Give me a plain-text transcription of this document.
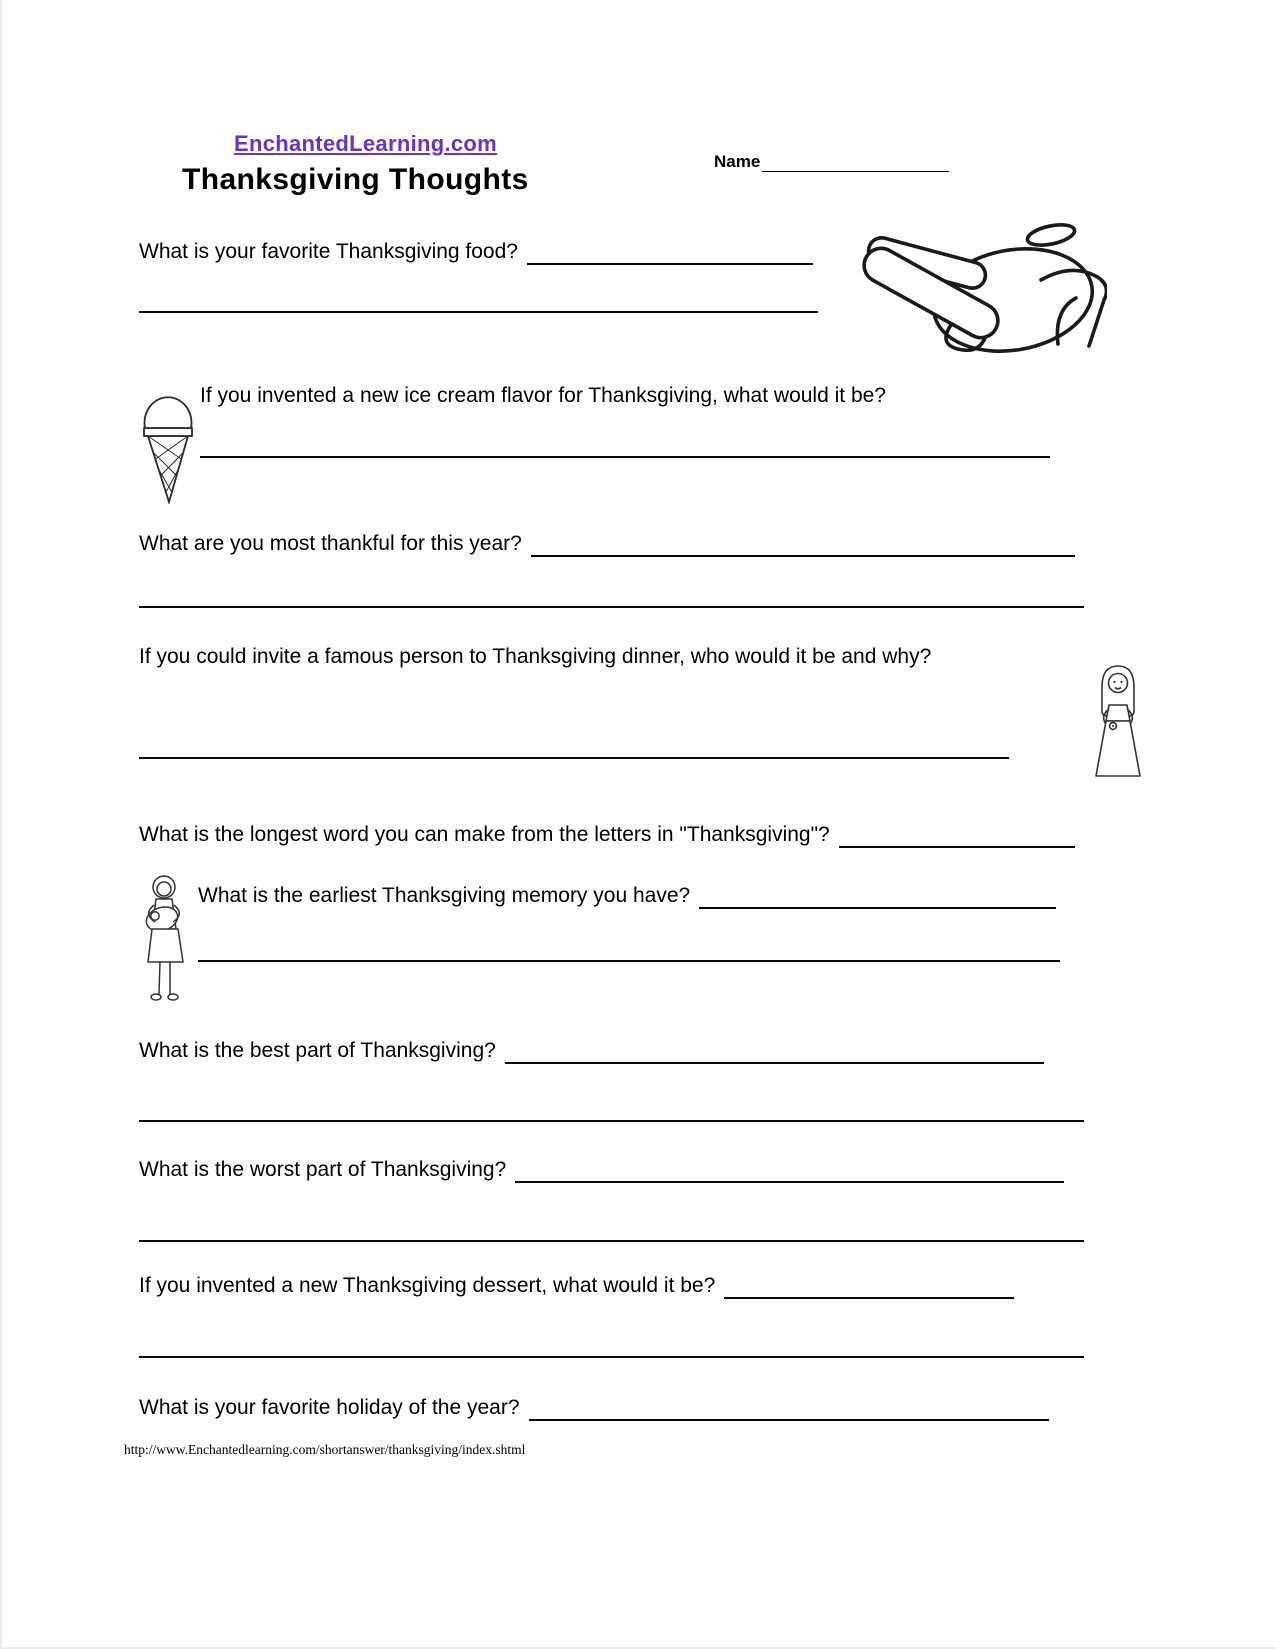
EnchantedLearning.com
Thanksgiving Thoughts
Name
What is your favorite Thanksgiving food?
If you invented a new ice cream flavor for Thanksgiving, what would it be?
What are you most thankful for this year?
If you could invite a famous person to Thanksgiving dinner, who would it be and why?
What is the longest word you can make from the letters in "Thanksgiving"?
What is the earliest Thanksgiving memory you have?
What is the best part of Thanksgiving?
What is the worst part of Thanksgiving?
If you invented a new Thanksgiving dessert, what would it be?
What is your favorite holiday of the year?
http://www.Enchantedlearning.com/shortanswer/thanksgiving/index.shtml
